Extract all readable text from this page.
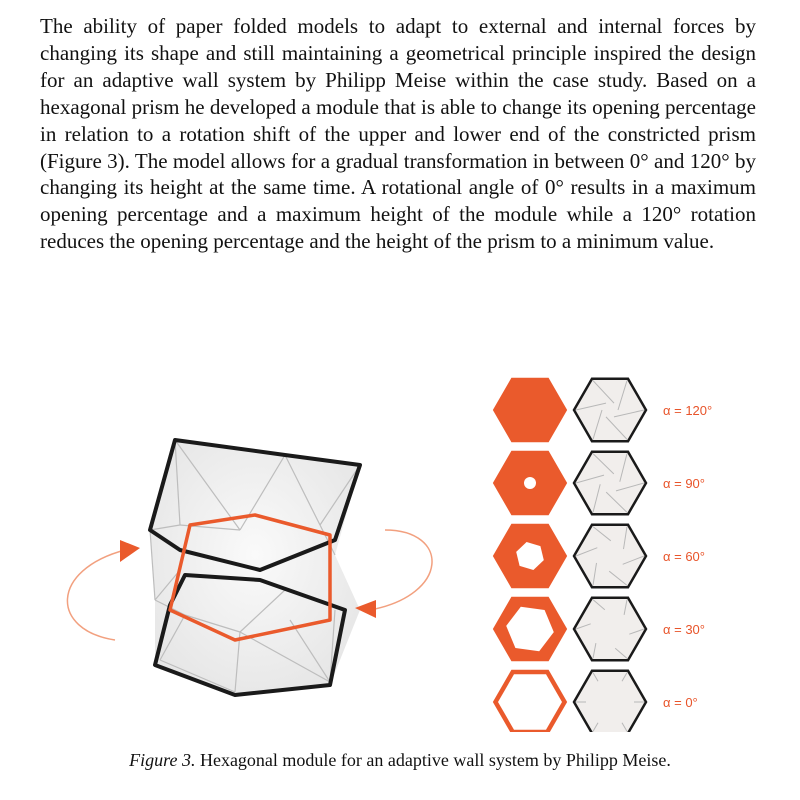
The ability of paper folded models to adapt to external and internal forces by changing its shape and still maintaining a geometrical principle inspired the design for an adaptive wall system by Philipp Meise within the case study. Based on a hexagonal prism he developed a module that is able to change its opening percentage in relation to a rotation shift of the upper and lower end of the constricted prism (Figure 3). The model allows for a gradual transformation in between 0° and 120° by changing its height at the same time. A rotational angle of 0° results in a maximum opening percentage and a maximum height of the module while a 120° rotation reduces the opening percentage and the height of the prism to a minimum value.

α = 120°
α = 90°
α = 60°
α = 30°
α = 0°
Figure 3. Hexagonal module for an adaptive wall system by Philipp Meise.
